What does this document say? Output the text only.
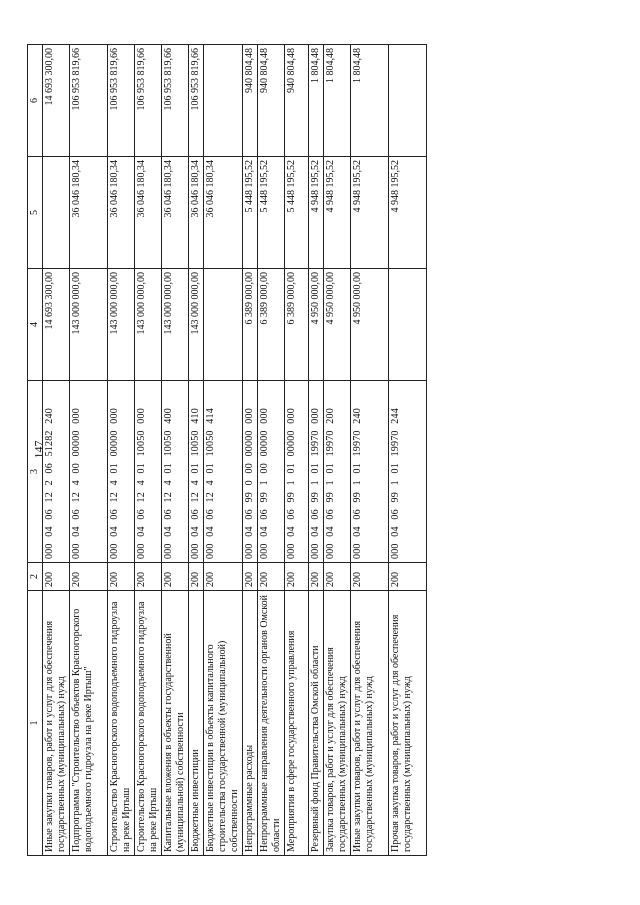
147
1	2	3	4	5	6
Иные закупки товаров, работ и услуг для обеспечения государственных (муниципальных) нужд	200	000 04 06 12 2 06 51282 240	14 693 300,00		14 693 300,00
Подпрограмма "Строительство объектов Красногорского водоподъемного гидроузла на реке Иртыш"	200	000 04 06 12 4 00 00000 000	143 000 000,00	36 046 180,34	106 953 819,66
Строительство Красногорского водоподъемного гидроузла на реке Иртыш	200	000 04 06 12 4 01 00000 000	143 000 000,00	36 046 180,34	106 953 819,66
Строительство Красногорского водоподъемного гидроузла на реке Иртыш	200	000 04 06 12 4 01 10050 000	143 000 000,00	36 046 180,34	106 953 819,66
Капитальные вложения в объекты государственной (муниципальной) собственности	200	000 04 06 12 4 01 10050 400	143 000 000,00	36 046 180,34	106 953 819,66
Бюджетные инвестиции	200	000 04 06 12 4 01 10050 410	143 000 000,00	36 046 180,34	106 953 819,66
Бюджетные инвестиции в объекты капитального строительства государственной (муниципальной) собственности	200	000 04 06 12 4 01 10050 414		36 046 180,34	
Непрограммные расходы	200	000 04 06 99 0 00 00000 000	6 389 000,00	5 448 195,52	940 804,48
Непрограммные направления деятельности органов Омской области	200	000 04 06 99 1 00 00000 000	6 389 000,00	5 448 195,52	940 804,48
Мероприятия в сфере государственного управления	200	000 04 06 99 1 01 00000 000	6 389 000,00	5 448 195,52	940 804,48
Резервный фонд Правительства Омской области	200	000 04 06 99 1 01 19970 000	4 950 000,00	4 948 195,52	1 804,48
Закупка товаров, работ и услуг для обеспечения государственных (муниципальных) нужд	200	000 04 06 99 1 01 19970 200	4 950 000,00	4 948 195,52	1 804,48
Иные закупки товаров, работ и услуг для обеспечения государственных (муниципальных) нужд	200	000 04 06 99 1 01 19970 240	4 950 000,00	4 948 195,52	1 804,48
Прочая закупка товаров, работ и услуг для обеспечения государственных (муниципальных) нужд	200	000 04 06 99 1 01 19970 244		4 948 195,52	
